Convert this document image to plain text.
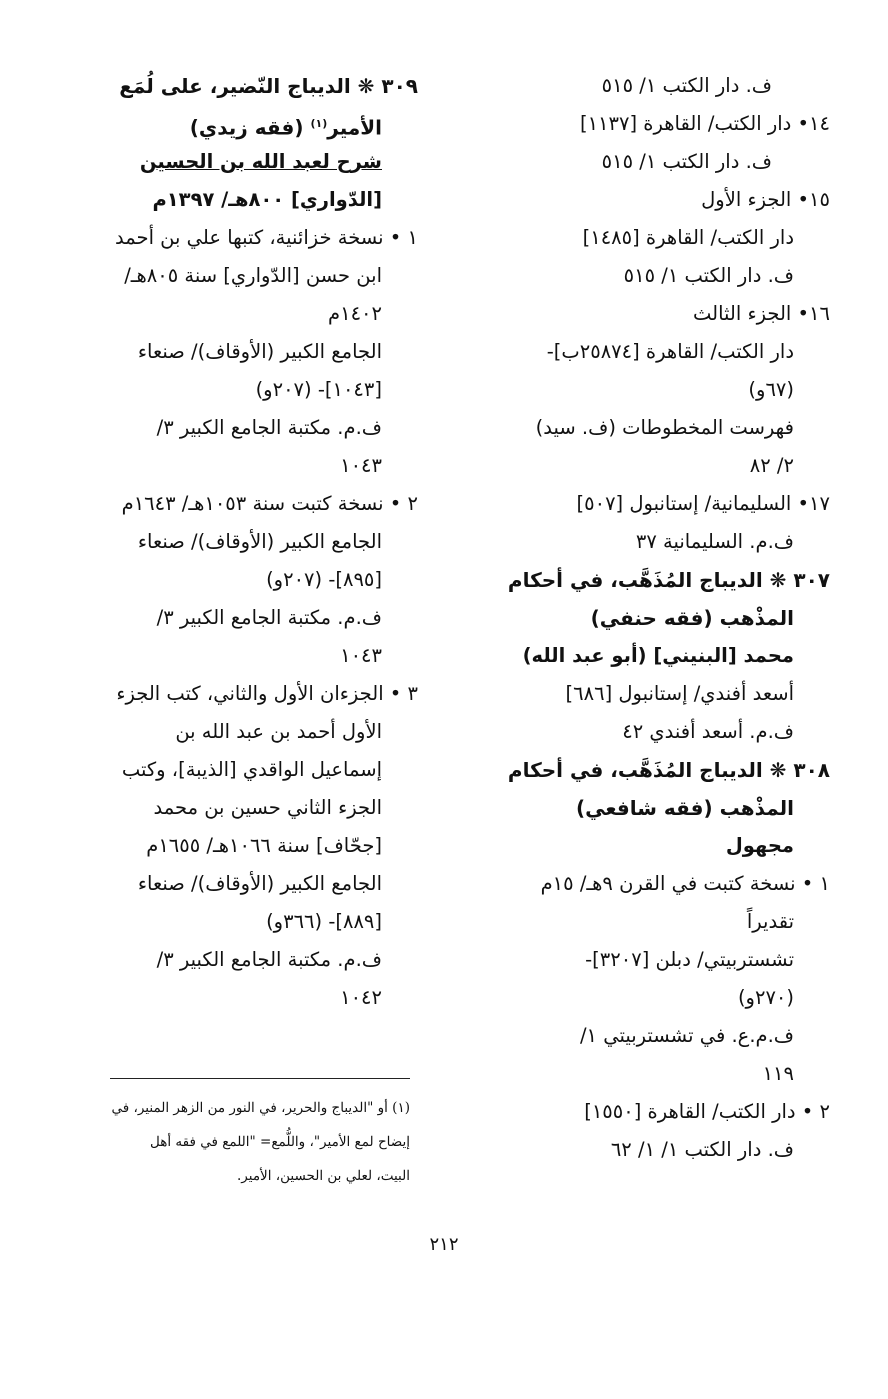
ف. دار الكتب ١/ ٥١٥
١٤• دار الكتب/ القاهرة [١١٣٧]
ف. دار الكتب ١/ ٥١٥
١٥• الجزء الأول
دار الكتب/ القاهرة [١٤٨٥]
ف. دار الكتب ١/ ٥١٥
١٦• الجزء الثالث
دار الكتب/ القاهرة [٢٥٨٧٤ب]-
(٦٧و)
فهرست المخطوطات (ف. سيد)
٢/ ٨٢
١٧• السليمانية/ إستانبول [٥٠٧]
ف.م. السليمانية ٣٧
٣٠٧ ❋ الديباج المُذَهَّب، في أحكام
المذْهب (فقه حنفي)
محمد [البنيني] (أبو عبد الله)
أسعد أفندي/ إستانبول [٦٨٦]
ف.م. أسعد أفندي ٤٢
٣٠٨ ❋ الديباج المُذَهَّب، في أحكام
المذْهب (فقه شافعي)
مجهول
١ • نسخة كتبت في القرن ٩هـ/ ١٥م
تقديراً
تشستربيتي/ دبلن [٣٢٠٧]-
(٢٧٠و)
ف.م.ع. في تشستربيتي ١/
١١٩
٢ • دار الكتب/ القاهرة [١٥٥٠]
ف. دار الكتب ١/ ١/ ٦٢
٣٠٩ ❋ الديباج النّضير، على لُمَع
الأمير$^{(١)}$ (فقه زيدي)
شرح لعبد الله بن الحسين
[الدّواري] ٨٠٠هـ/ ١٣٩٧م
١ • نسخة خزائنية، كتبها علي بن أحمد
ابن حسن [الدّواري] سنة ٨٠٥هـ/
١٤٠٢م
الجامع الكبير (الأوقاف)/ صنعاء
[١٠٤٣]- (٢٠٧و)
ف.م. مكتبة الجامع الكبير ٣/
١٠٤٣
٢ • نسخة كتبت سنة ١٠٥٣هـ/ ١٦٤٣م
الجامع الكبير (الأوقاف)/ صنعاء
[٨٩٥]- (٢٠٧و)
ف.م. مكتبة الجامع الكبير ٣/
١٠٤٣
٣ • الجزءان الأول والثاني، كتب الجزء
الأول أحمد بن عبد الله بن
إسماعيل الواقدي [الذيبة]، وكتب
الجزء الثاني حسين بن محمد
[جحّاف] سنة ١٠٦٦هـ/ ١٦٥٥م
الجامع الكبير (الأوقاف)/ صنعاء
[٨٨٩]- (٣٦٦و)
ف.م. مكتبة الجامع الكبير ٣/
١٠٤٢
(١) أو "الديباج والحرير، في النور من الزهر المنير، في
إيضاح لمع الأمير"، واللُّمع= "اللمع في فقه أهل
البيت، لعلي بن الحسين، الأمير.
٢١٢
